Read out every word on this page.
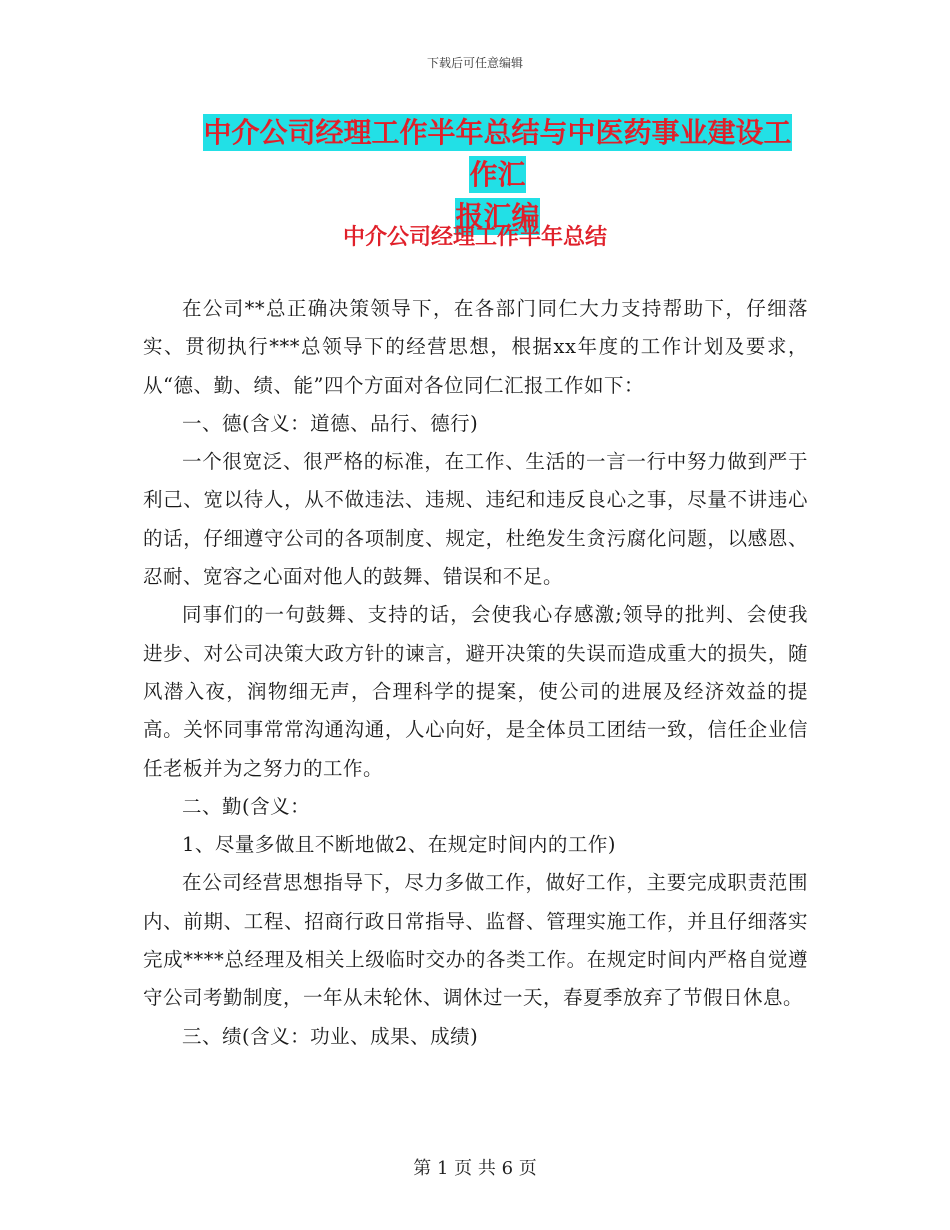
下载后可任意编辑
中介公司经理工作半年总结与中医药事业建设工作汇
报汇编
中介公司经理工作半年总结

在公司**总正确决策领导下，在各部门同仁大力支持帮助下，仔细落实、贯彻执行***总领导下的经营思想，根据xx年度的工作计划及要求，从“德、勤、绩、能”四个方面对各位同仁汇报工作如下：

一、德(含义：道德、品行、德行)

一个很宽泛、很严格的标准，在工作、生活的一言一行中努力做到严于利己、宽以待人，从不做违法、违规、违纪和违反良心之事，尽量不讲违心的话，仔细遵守公司的各项制度、规定，杜绝发生贪污腐化问题，以感恩、忍耐、宽容之心面对他人的鼓舞、错误和不足。

同事们的一句鼓舞、支持的话，会使我心存感激;领导的批判、会使我进步、对公司决策大政方针的谏言，避开决策的失误而造成重大的损失，随风潜入夜，润物细无声，合理科学的提案，使公司的进展及经济效益的提高。关怀同事常常沟通沟通，人心向好，是全体员工团结一致，信任企业信任老板并为之努力的工作。

二、勤(含义：

1、尽量多做且不断地做2、在规定时间内的工作)

在公司经营思想指导下，尽力多做工作，做好工作，主要完成职责范围内、前期、工程、招商行政日常指导、监督、管理实施工作，并且仔细落实完成****总经理及相关上级临时交办的各类工作。在规定时间内严格自觉遵守公司考勤制度，一年从未轮休、调休过一天，春夏季放弃了节假日休息。

三、绩(含义：功业、成果、成绩)

第 1 页 共 6 页
